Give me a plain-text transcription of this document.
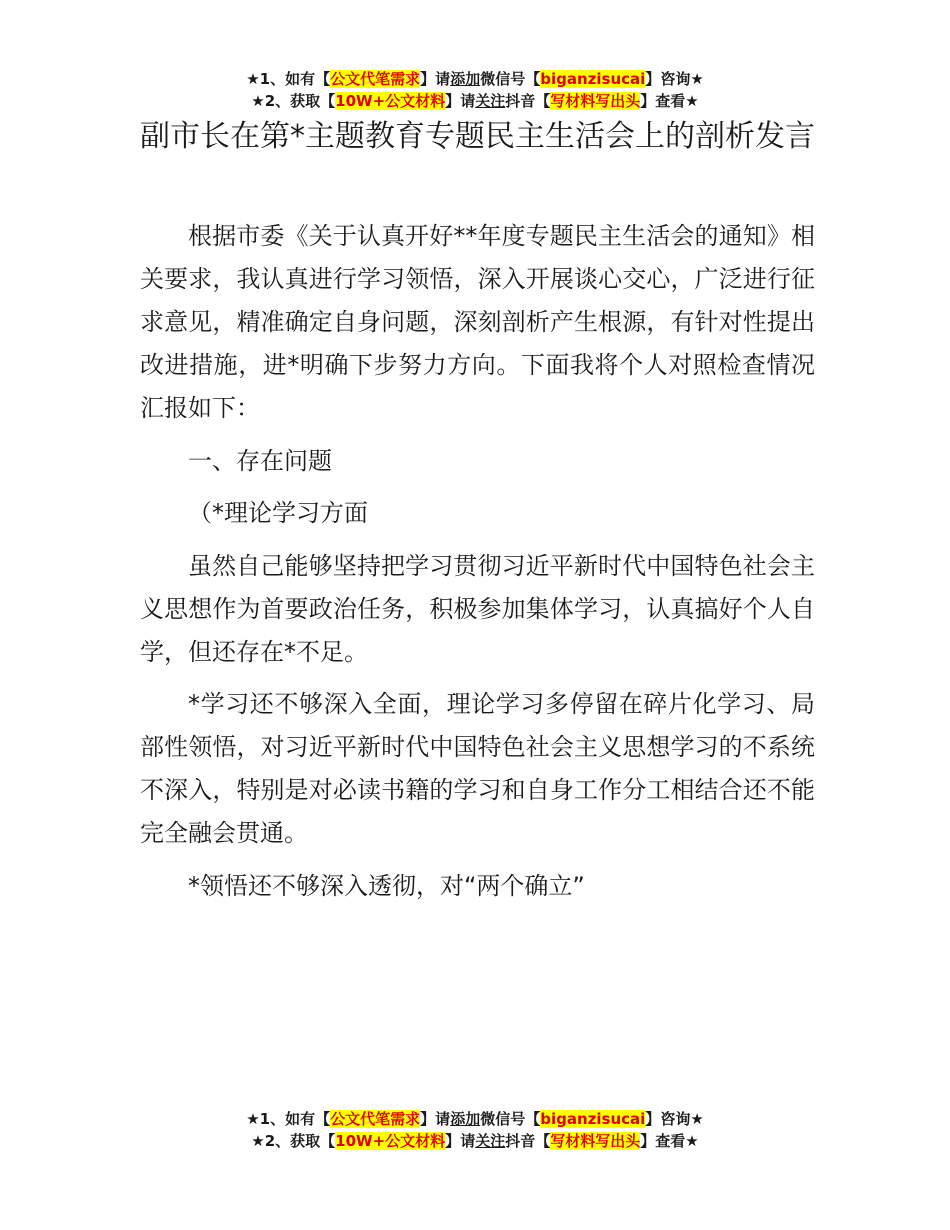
★1、如有【公文代笔需求】请添加微信号【biganzisucai】咨询★
★2、获取【10W+公文材料】请关注抖音【写材料写出头】查看★
副市长在第*主题教育专题民主生活会上的剖析发言

根据市委《关于认真开好**年度专题民主生活会的通知》相关要求，我认真进行学习领悟，深入开展谈心交心，广泛进行征求意见，精准确定自身问题，深刻剖析产生根源，有针对性提出改进措施，进*明确下步努力方向。下面我将个人对照检查情况汇报如下：

一、存在问题

（*理论学习方面

虽然自己能够坚持把学习贯彻习近平新时代中国特色社会主义思想作为首要政治任务，积极参加集体学习，认真搞好个人自学，但还存在*不足。

*学习还不够深入全面，理论学习多停留在碎片化学习、局部性领悟，对习近平新时代中国特色社会主义思想学习的不系统不深入，特别是对必读书籍的学习和自身工作分工相结合还不能完全融会贯通。

*领悟还不够深入透彻，对“两个确立”

★1、如有【公文代笔需求】请添加微信号【biganzisucai】咨询★
★2、获取【10W+公文材料】请关注抖音【写材料写出头】查看★
